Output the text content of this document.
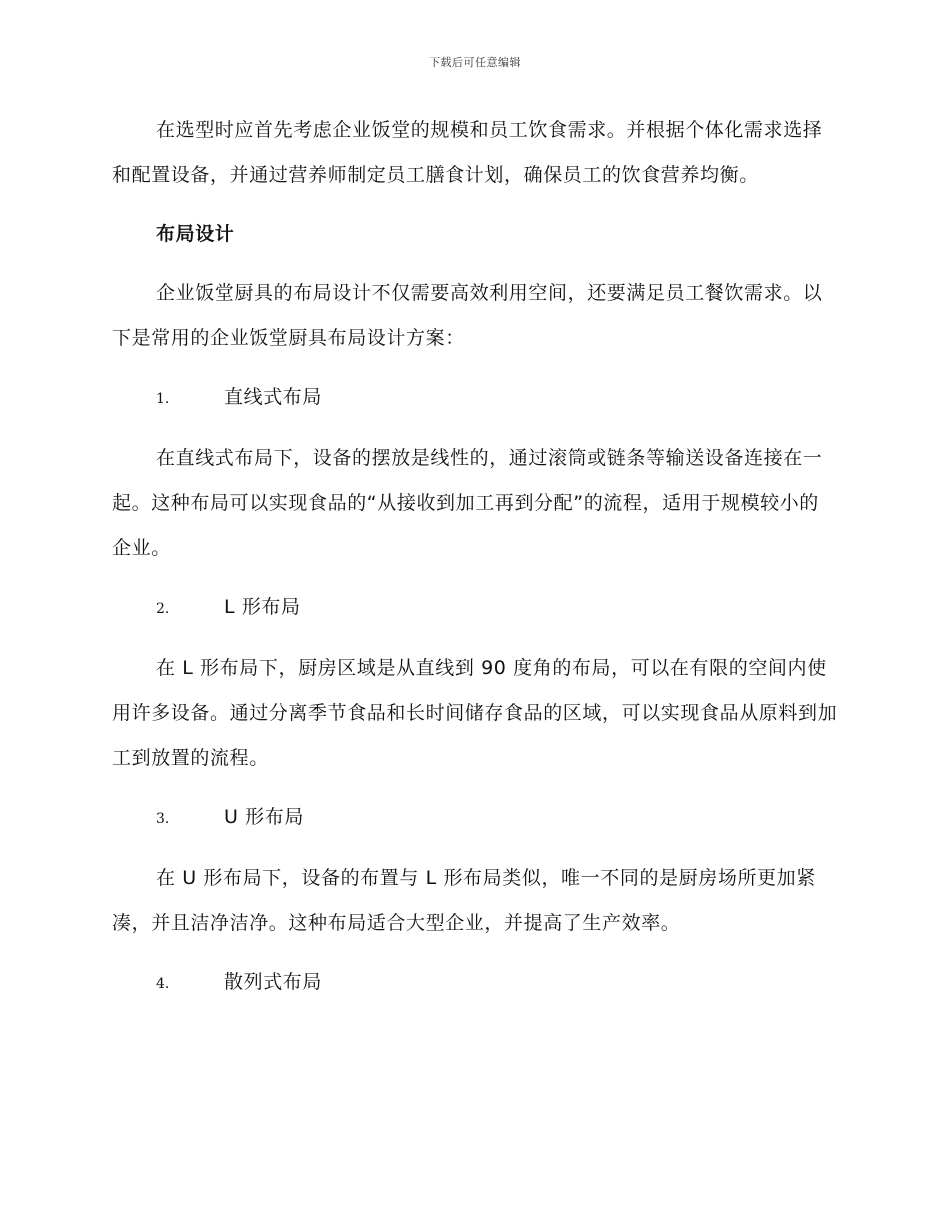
下载后可任意编辑

在选型时应首先考虑企业饭堂的规模和员工饮食需求。并根据个体化需求选择和配置设备，并通过营养师制定员工膳食计划，确保员工的饮食营养均衡。

布局设计

企业饭堂厨具的布局设计不仅需要高效利用空间，还要满足员工餐饮需求。以下是常用的企业饭堂厨具布局设计方案：

1.	直线式布局

在直线式布局下，设备的摆放是线性的，通过滚筒或链条等输送设备连接在一起。这种布局可以实现食品的“从接收到加工再到分配”的流程，适用于规模较小的企业。

2.	L 形布局

在 L 形布局下，厨房区域是从直线到 90 度角的布局，可以在有限的空间内使用许多设备。通过分离季节食品和长时间储存食品的区域，可以实现食品从原料到加工到放置的流程。

3.	U 形布局

在 U 形布局下，设备的布置与 L 形布局类似，唯一不同的是厨房场所更加紧凑，并且洁净洁净。这种布局适合大型企业，并提高了生产效率。

4.	散列式布局
